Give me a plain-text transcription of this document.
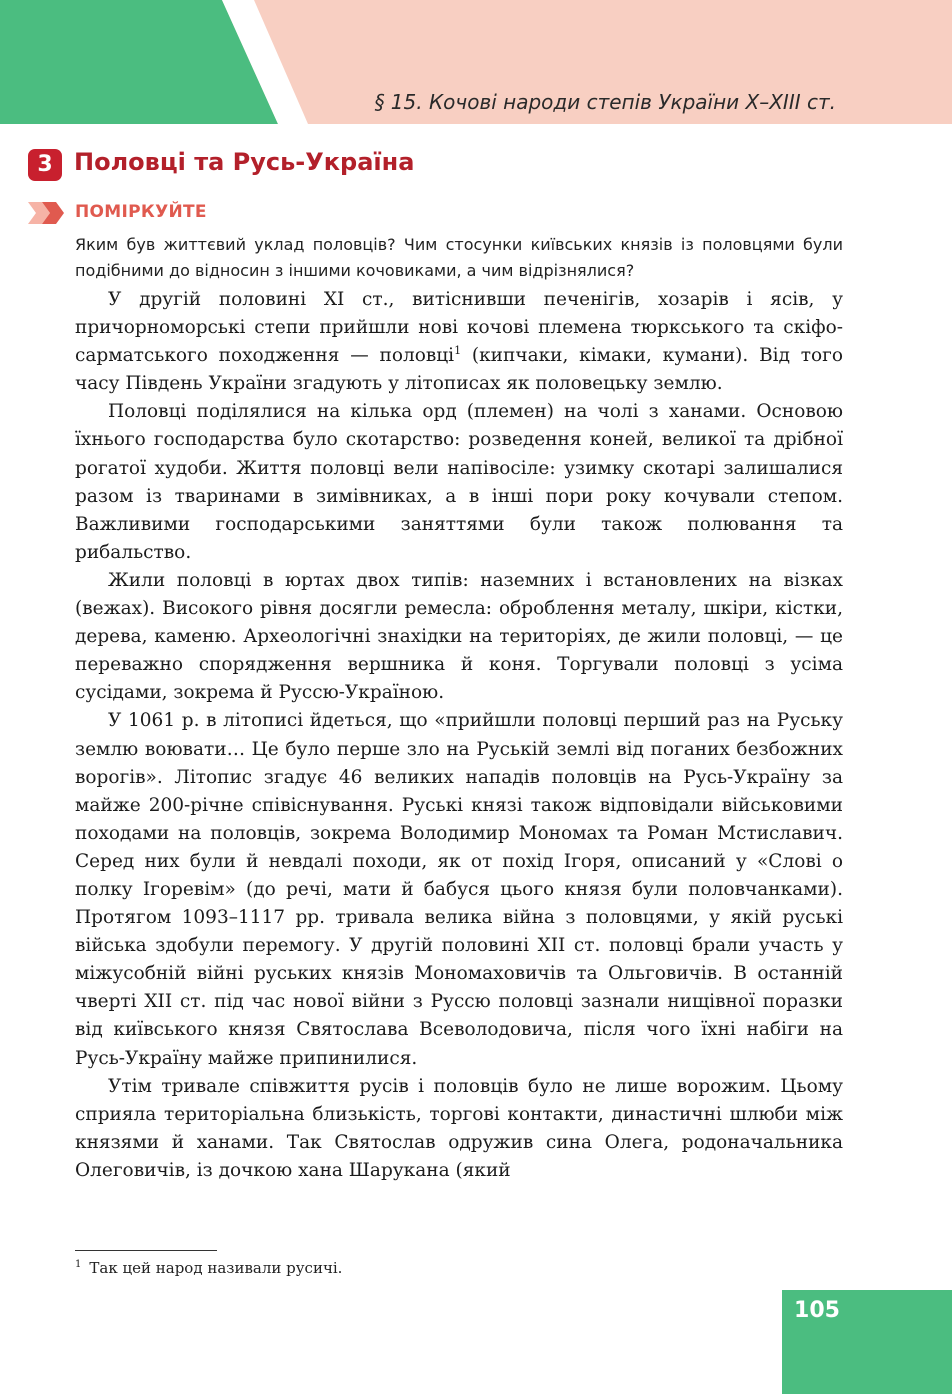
§ 15. Кочові народи степів України X–XIII ст.
3 Половці та Русь-Україна
ПОМІРКУЙТЕ
Яким був життєвий уклад половців? Чим стосунки київських князів із половцями були подібними до відносин з іншими кочовиками, а чим відрізнялися?

У другій половині XI ст., витіснивши печенігів, хозарів і ясів, у причорноморські степи прийшли нові кочові племена тюркського та скіфо-сарматського походження — половці$^1$ (кипчаки, кімаки, кумани). Від того часу Південь України згадують у літописах як половецьку землю.

Половці поділялися на кілька орд (племен) на чолі з ханами. Основою їхнього господарства було скотарство: розведення коней, великої та дрібної рогатої худоби. Життя половці вели напівосіле: узимку скотарі залишалися разом із тваринами в зимівниках, а в інші пори року кочували степом. Важливими господарськими заняттями були також полювання та рибальство.

Жили половці в юртах двох типів: наземних і встановлених на візках (вежах). Високого рівня досягли ремесла: оброблення металу, шкіри, кістки, дерева, каменю. Археологічні знахідки на територіях, де жили половці, — це переважно спорядження вершника й коня. Торгували половці з усіма сусідами, зокрема й Руссю-Україною.

У 1061 р. в літописі йдеться, що «прийшли половці перший раз на Руську землю воювати… Це було перше зло на Руській землі від поганих безбожних ворогів». Літопис згадує 46 великих нападів половців на Русь-Україну за майже 200-річне співіснування. Руські князі також відповідали військовими походами на половців, зокрема Володимир Мономах та Роман Мстиславич. Серед них були й невдалі походи, як от похід Ігоря, описаний у «Слові о полку Ігоревім» (до речі, мати й бабуся цього князя були половчанками). Протягом 1093–1117 рр. тривала велика війна з половцями, у якій руські війська здобули перемогу. У другій половині XII ст. половці брали участь у міжусобній війні руських князів Мономаховичів та Ольговичів. В останній чверті XII ст. під час нової війни з Руссю половці зазнали нищівної поразки від київського князя Святослава Всеволодовича, після чого їхні набіги на Русь-Україну майже припинилися.

Утім тривале співжиття русів і половців було не лише ворожим. Цьому сприяла територіальна близькість, торгові контакти, династичні шлюби між князями й ханами. Так Святослав одружив сина Олега, родоначальника Олеговичів, із дочкою хана Шарукана (який

$^1$ Так цей народ називали русичі.
105
